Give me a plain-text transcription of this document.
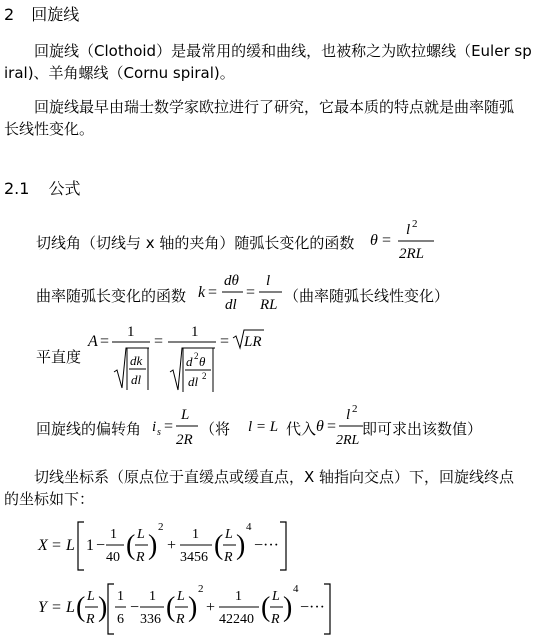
2 回旋线
回旋线（Clothoid）是最常用的缓和曲线，也被称之为欧拉螺线（Euler sp
iral)、羊角螺线（Cornu spiral)。
回旋线最早由瑞士数学家欧拉进行了研究，它最本质的特点就是曲率随弧
长线性变化。
2.1 公式
切线角（切线与 x 轴的夹角）随弧长变化的函数 θ =
l 2
2RL
曲率随弧长变化的函数 k =
dθ
dl
=
l
RL （曲率随弧长线性变化）
平直度
A =
1
dk
dl
=
1
d 2 θ
dl 2
= LR
回旋线的偏转角 i s =
L
2R
（将 l = L 代入 θ =
l 2
2RL
即可求出该数值）
切线坐标系（原点位于直缓点或缓直点，X 轴指向交点）下，回旋线终点
的坐标如下：
X = L 1 −
1
40 ( L
R )
2
+
1
3456 ( L
R )
4
−···
Y = L ( L
R ) 1
6
−
1
336 ( L
R )
2
+
1
42240 ( L
R )
4
−···
